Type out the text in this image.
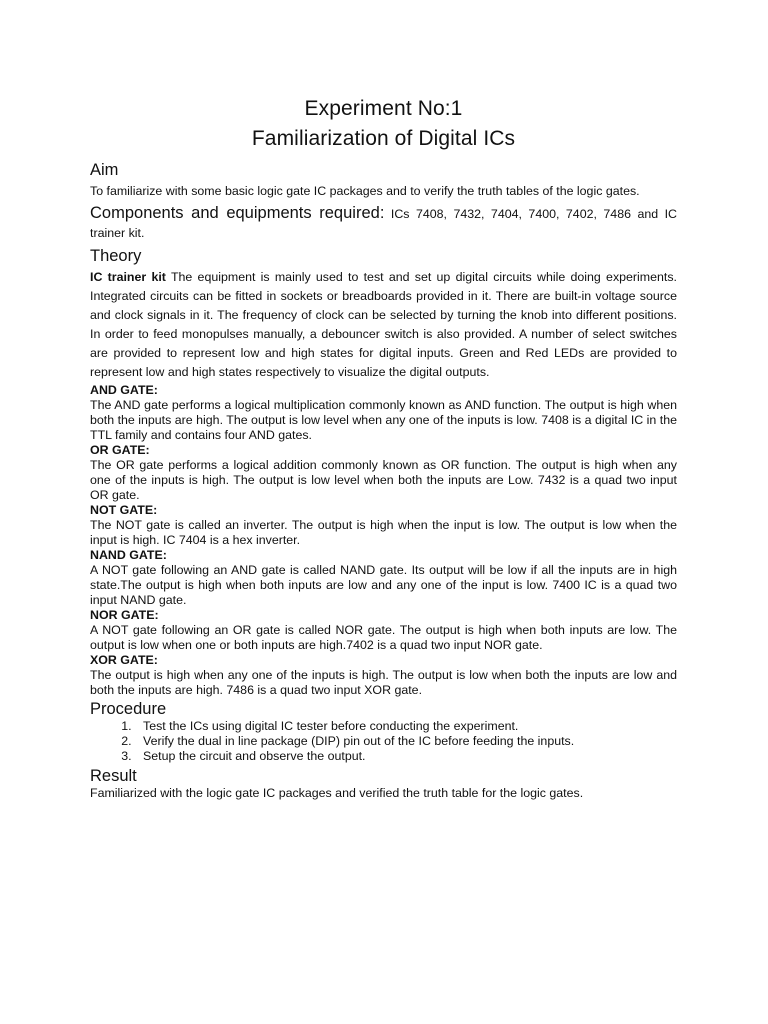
Experiment No:1
Familiarization of Digital ICs
Aim
To familiarize with some basic logic gate IC packages and to verify the truth tables of the logic gates.
Components and equipments required: ICs 7408, 7432, 7404, 7400, 7402, 7486 and IC trainer kit.
Theory
IC trainer kit The equipment is mainly used to test and set up digital circuits while doing experiments. Integrated circuits can be fitted in sockets or breadboards provided in it. There are built-in voltage source and clock signals in it. The frequency of clock can be selected by turning the knob into different positions. In order to feed monopulses manually, a debouncer switch is also provided. A number of select switches are provided to represent low and high states for digital inputs. Green and Red LEDs are provided to represent low and high states respectively to visualize the digital outputs.
AND GATE:
The AND gate performs a logical multiplication commonly known as AND function. The output is high when both the inputs are high. The output is low level when any one of the inputs is low. 7408 is a digital IC in the TTL family and contains four AND gates.
OR GATE:
The OR gate performs a logical addition commonly known as OR function. The output is high when any one of the inputs is high. The output is low level when both the inputs are Low. 7432 is a quad two input OR gate.
NOT GATE:
The NOT gate is called an inverter. The output is high when the input is low. The output is low when the input is high. IC 7404 is a hex inverter.
NAND GATE:
A NOT gate following an AND gate is called NAND gate. Its output will be low if all the inputs are in high state.The output is high when both inputs are low and any one of the input is low. 7400 IC is a quad two input NAND gate.
NOR GATE:
A NOT gate following an OR gate is called NOR gate. The output is high when both inputs are low. The output is low when one or both inputs are high.7402 is a quad two input NOR gate.
XOR GATE:
The output is high when any one of the inputs is high. The output is low when both the inputs are low and both the inputs are high. 7486 is a quad two input XOR gate.
Procedure
1. Test the ICs using digital IC tester before conducting the experiment.
2. Verify the dual in line package (DIP) pin out of the IC before feeding the inputs.
3. Setup the circuit and observe the output.
Result
Familiarized with the logic gate IC packages and verified the truth table for the logic gates.
